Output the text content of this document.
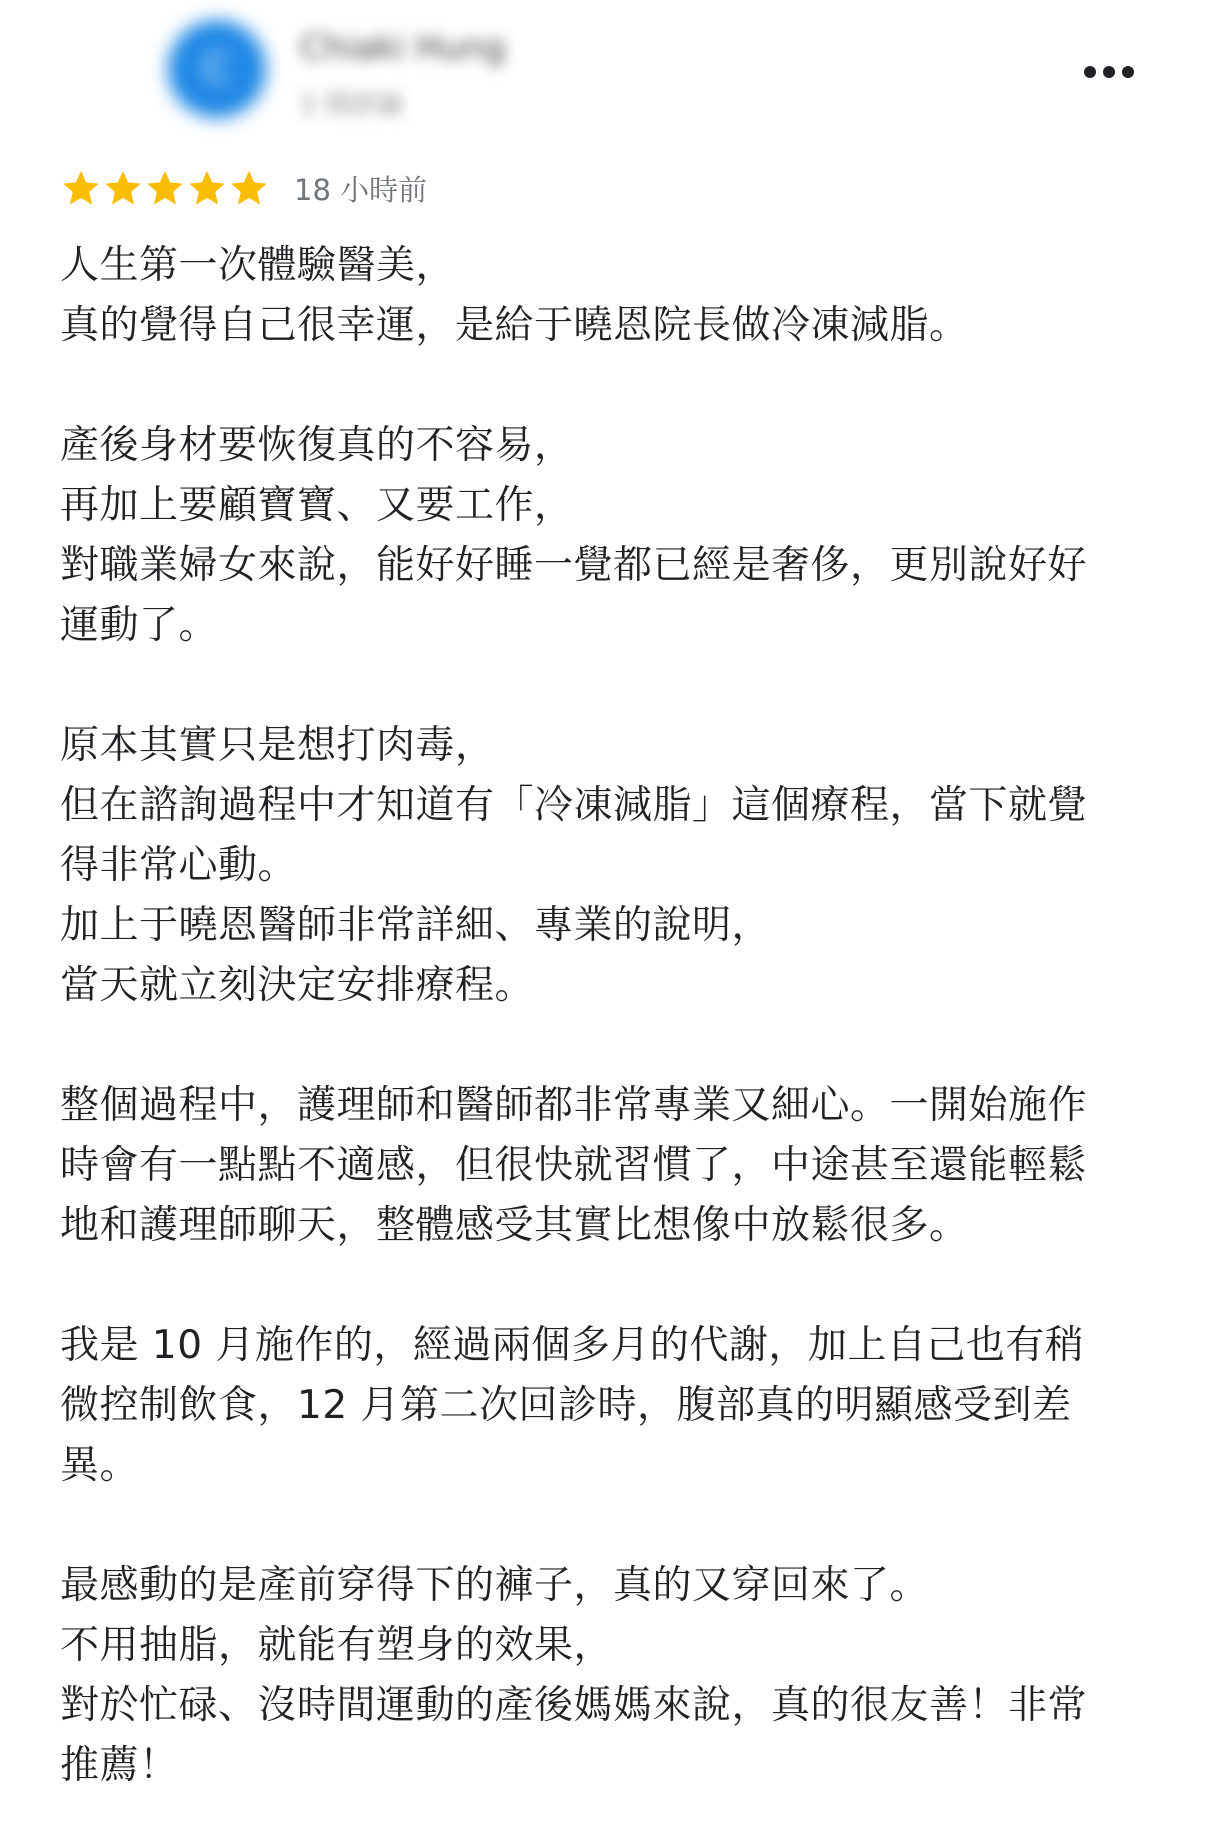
C	Chiaki Hung
1 則評論
18 小時前
人生第一次體驗醫美，
真的覺得自己很幸運，是給于曉恩院長做冷凍減脂。
產後身材要恢復真的不容易，
再加上要顧寶寶、又要工作，
對職業婦女來說，能好好睡一覺都已經是奢侈，更別說好好
運動了。
原本其實只是想打肉毒，
但在諮詢過程中才知道有「冷凍減脂」這個療程，當下就覺
得非常心動。
加上于曉恩醫師非常詳細、專業的說明，
當天就立刻決定安排療程。
整個過程中，護理師和醫師都非常專業又細心。一開始施作
時會有一點點不適感，但很快就習慣了，中途甚至還能輕鬆
地和護理師聊天，整體感受其實比想像中放鬆很多。
我是 10 月施作的，經過兩個多月的代謝，加上自己也有稍
微控制飲食，12 月第二次回診時，腹部真的明顯感受到差
異。
最感動的是產前穿得下的褲子，真的又穿回來了。
不用抽脂，就能有塑身的效果，
對於忙碌、沒時間運動的產後媽媽來說，真的很友善！非常
推薦！
